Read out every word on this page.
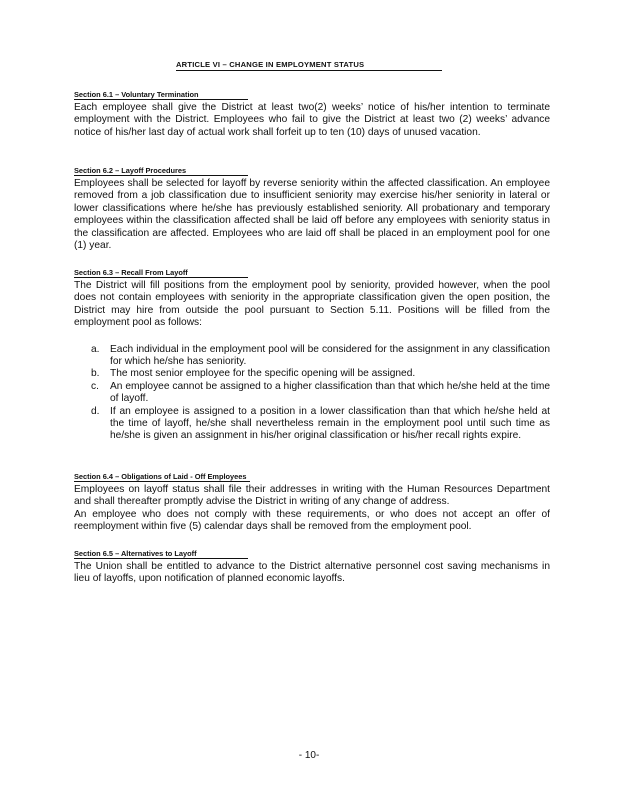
ARTICLE VI – CHANGE IN EMPLOYMENT STATUS
Section 6.1 – Voluntary Termination

Each employee shall give the District at least two(2) weeks’ notice of his/her intention to terminate employment with the District. Employees who fail to give the District at least two (2) weeks’ advance notice of his/her last day of actual work shall forfeit up to ten (10) days of unused vacation.

Section 6.2 – Layoff Procedures

Employees shall be selected for layoff by reverse seniority within the affected classification. An employee removed from a job classification due to insufficient seniority may exercise his/her seniority in lateral or lower classifications where he/she has previously established seniority. All probationary and temporary employees within the classification affected shall be laid off before any employees with seniority status in the classification are affected. Employees who are laid off shall be placed in an employment pool for one (1) year.

Section 6.3 – Recall From Layoff

The District will fill positions from the employment pool by seniority, provided however, when the pool does not contain employees with seniority in the appropriate classification given the open position, the District may hire from outside the pool pursuant to Section 5.11. Positions will be filled from the employment pool as follows:

a. Each individual in the employment pool will be considered for the assignment in any classification for which he/she has seniority.
b. The most senior employee for the specific opening will be assigned.
c. An employee cannot be assigned to a higher classification than that which he/she held at the time of layoff.
d. If an employee is assigned to a position in a lower classification than that which he/she held at the time of layoff, he/she shall nevertheless remain in the employment pool until such time as he/she is given an assignment in his/her original classification or his/her recall rights expire.
Section 6.4 – Obligations of Laid - Off Employees

Employees on layoff status shall file their addresses in writing with the Human Resources Department and shall thereafter promptly advise the District in writing of any change of address.

An employee who does not comply with these requirements, or who does not accept an offer of reemployment within five (5) calendar days shall be removed from the employment pool.

Section 6.5 – Alternatives to Layoff

The Union shall be entitled to advance to the District alternative personnel cost saving mechanisms in lieu of layoffs, upon notification of planned economic layoffs.

- 10-
